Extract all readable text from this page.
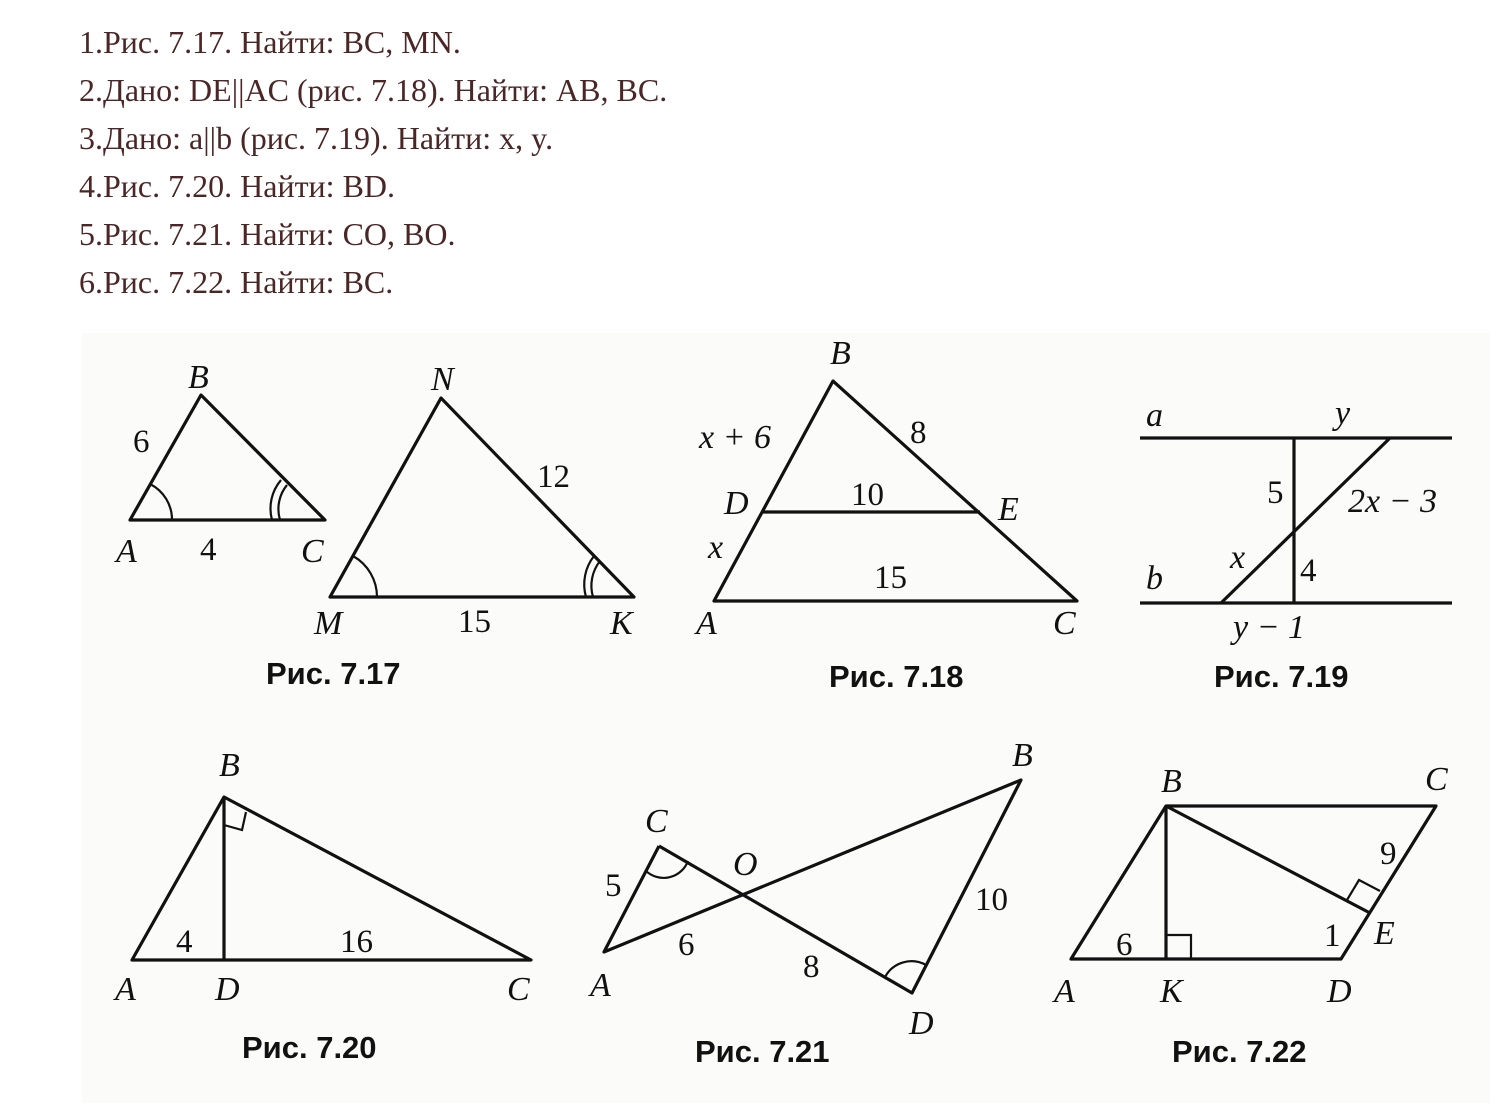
1.Рис. 7.17. Найти: BC, MN.
2.Дано: DE||AC (рис. 7.18). Найти: AB, BC.
3.Дано: a||b (рис. 7.19). Найти: x, y.
4.Рис. 7.20. Найти: BD.
5.Рис. 7.21. Найти: CO, BO.
6.Рис. 7.22. Найти: BC.
B
A	C
6
4
N
M	K
12
15
Рис. 7.17
B
D	E
A	C
x + 6	8
10
x
15
Рис. 7.18
a
b
y
5 2x − 3
x 4
y − 1
Рис. 7.19
B
A D	C
4	16
Рис. 7.20
C
O
B
A
D
5
6
8
10
Рис. 7.21
B	C
A	K	D
E
6
9
1
Рис. 7.22
